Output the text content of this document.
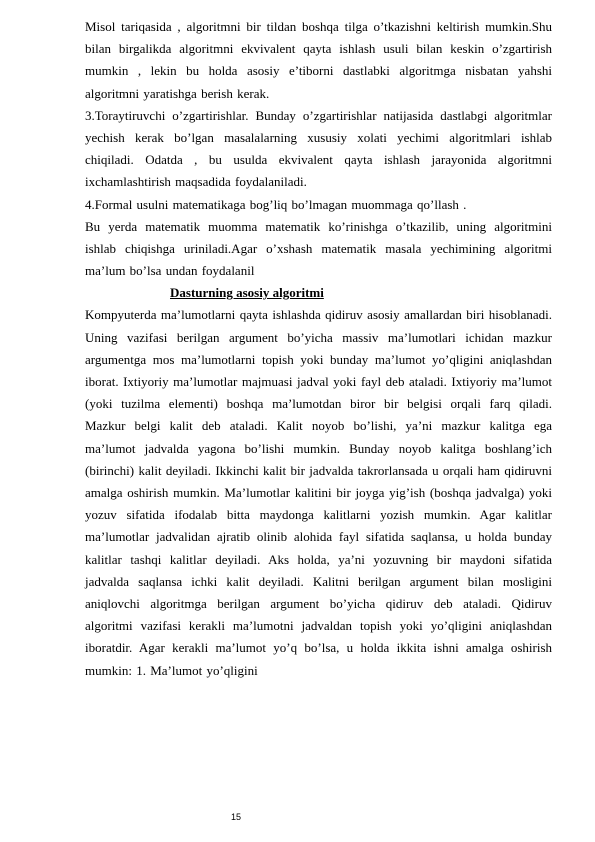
Misol tariqasida , algoritmni bir tildan boshqa tilga o’tkazishni keltirish mumkin.Shu bilan birgalikda algoritmni ekvivalent qayta ishlash usuli bilan keskin o’zgartirish mumkin , lekin bu holda asosiy e’tiborni dastlabki algoritmga nisbatan yahshi algoritmni yaratishga berish kerak.

3.Toraytiruvchi o’zgartirishlar. Bunday o’zgartirishlar natijasida dastlabgi algoritmlar yechish kerak bo’lgan masalalarning xususiy xolati yechimi algoritmlari ishlab chiqiladi. Odatda , bu usulda ekvivalent qayta ishlash jarayonida algoritmni ixchamlashtirish maqsadida foydalaniladi.

4.Formal usulni matematikaga bog’liq bo’lmagan muommaga qo’llash .

Bu yerda matematik muomma matematik ko’rinishga o’tkazilib, uning algoritmini ishlab chiqishga uriniladi.Agar o’xshash matematik masala yechimining algoritmi ma’lum bo’lsa undan foydalanil

Dasturning asosiy algoritmi

Kompyuterda ma’lumotlarni qayta ishlashda qidiruv asosiy amallardan biri hisoblanadi. Uning vazifasi berilgan argument bo’yicha massiv ma’lumotlari ichidan mazkur argumentga mos ma’lumotlarni topish yoki bunday ma’lumot yo’qligini aniqlashdan iborat. Ixtiyoriy ma’lumotlar majmuasi jadval yoki fayl deb ataladi. Ixtiyoriy ma’lumot (yoki tuzilma elementi) boshqa ma’lumotdan biror bir belgisi orqali farq qiladi. Mazkur belgi kalit deb ataladi. Kalit noyob bo’lishi, ya’ni mazkur kalitga ega ma’lumot jadvalda yagona bo’lishi mumkin. Bunday noyob kalitga boshlang’ich (birinchi) kalit deyiladi. Ikkinchi kalit bir jadvalda takrorlansada u orqali ham qidiruvni amalga oshirish mumkin. Ma’lumotlar kalitini bir joyga yig’ish (boshqa jadvalga) yoki yozuv sifatida ifodalab bitta maydonga kalitlarni yozish mumkin. Agar kalitlar ma’lumotlar jadvalidan ajratib olinib alohida fayl sifatida saqlansa, u holda bunday kalitlar tashqi kalitlar deyiladi. Aks holda, ya’ni yozuvning bir maydoni sifatida jadvalda saqlansa ichki kalit deyiladi. Kalitni berilgan argument bilan mosligini aniqlovchi algoritmga berilgan argument bo’yicha qidiruv deb ataladi. Qidiruv algoritmi vazifasi kerakli ma’lumotni jadvaldan topish yoki yo’qligini aniqlashdan iboratdir. Agar kerakli ma’lumot yo’q bo’lsa, u holda ikkita ishni amalga oshirish mumkin: 1. Ma’lumot yo’qligini

15
